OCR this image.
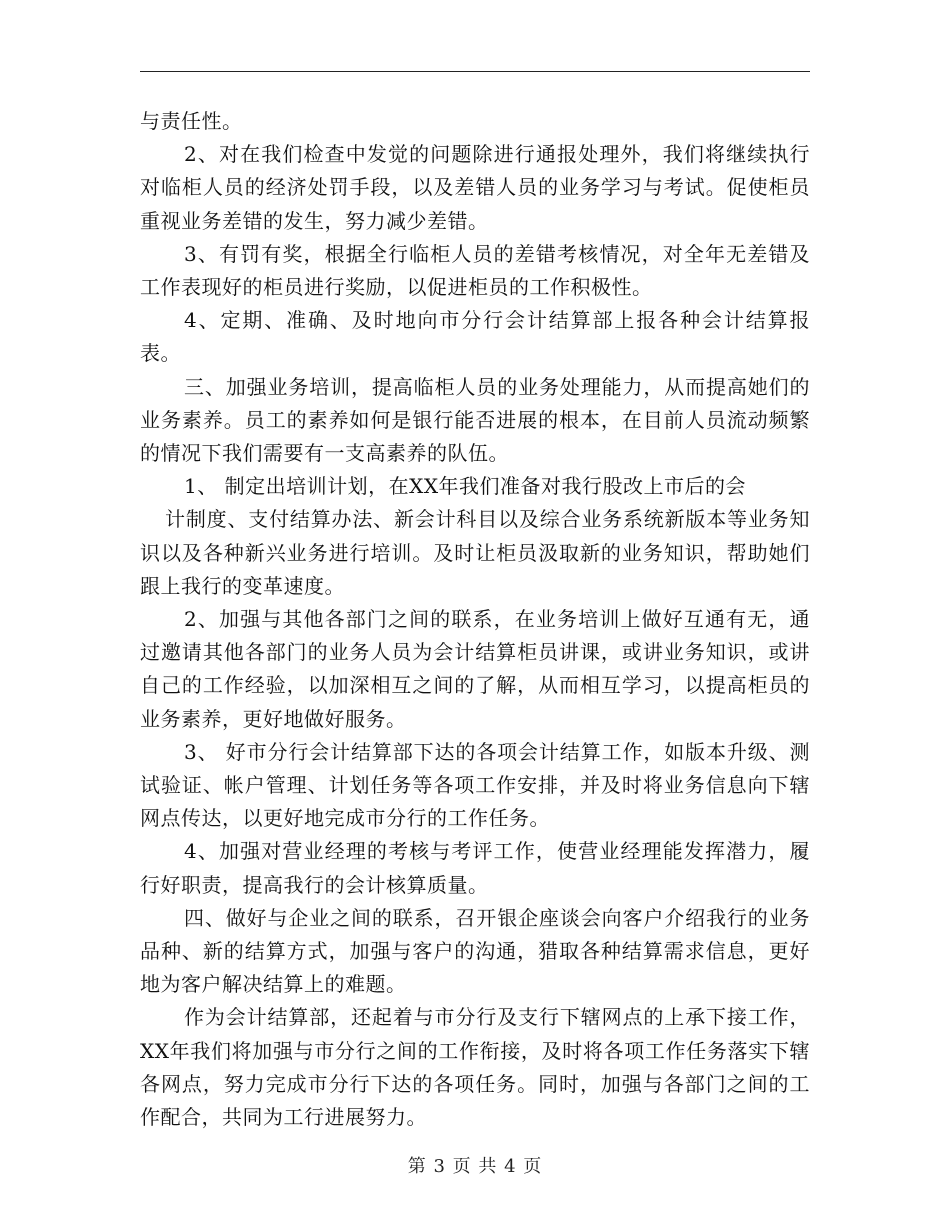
与责任性。

2、对在我们检查中发觉的问题除进行通报处理外，我们将继续执行对临柜人员的经济处罚手段，以及差错人员的业务学习与考试。促使柜员重视业务差错的发生，努力减少差错。

3、有罚有奖，根据全行临柜人员的差错考核情况，对全年无差错及工作表现好的柜员进行奖励，以促进柜员的工作积极性。

4、定期、准确、及时地向市分行会计结算部上报各种会计结算报表。

三、加强业务培训，提高临柜人员的业务处理能力，从而提高她们的业务素养。员工的素养如何是银行能否进展的根本，在目前人员流动频繁的情况下我们需要有一支高素养的队伍。

1、 制定出培训计划，在XX年我们准备对我行股改上市后的会

计制度、支付结算办法、新会计科目以及综合业务系统新版本等业务知识以及各种新兴业务进行培训。及时让柜员汲取新的业务知识，帮助她们跟上我行的变革速度。

2、加强与其他各部门之间的联系，在业务培训上做好互通有无，通过邀请其他各部门的业务人员为会计结算柜员讲课，或讲业务知识，或讲自己的工作经验，以加深相互之间的了解，从而相互学习，以提高柜员的业务素养，更好地做好服务。

3、 好市分行会计结算部下达的各项会计结算工作，如版本升级、测试验证、帐户管理、计划任务等各项工作安排，并及时将业务信息向下辖网点传达，以更好地完成市分行的工作任务。

4、加强对营业经理的考核与考评工作，使营业经理能发挥潜力，履行好职责，提高我行的会计核算质量。

四、做好与企业之间的联系，召开银企座谈会向客户介绍我行的业务品种、新的结算方式，加强与客户的沟通，猎取各种结算需求信息，更好地为客户解决结算上的难题。

作为会计结算部，还起着与市分行及支行下辖网点的上承下接工作，XX年我们将加强与市分行之间的工作衔接，及时将各项工作任务落实下辖各网点，努力完成市分行下达的各项任务。同时，加强与各部门之间的工作配合，共同为工行进展努力。

第 3 页 共 4 页
